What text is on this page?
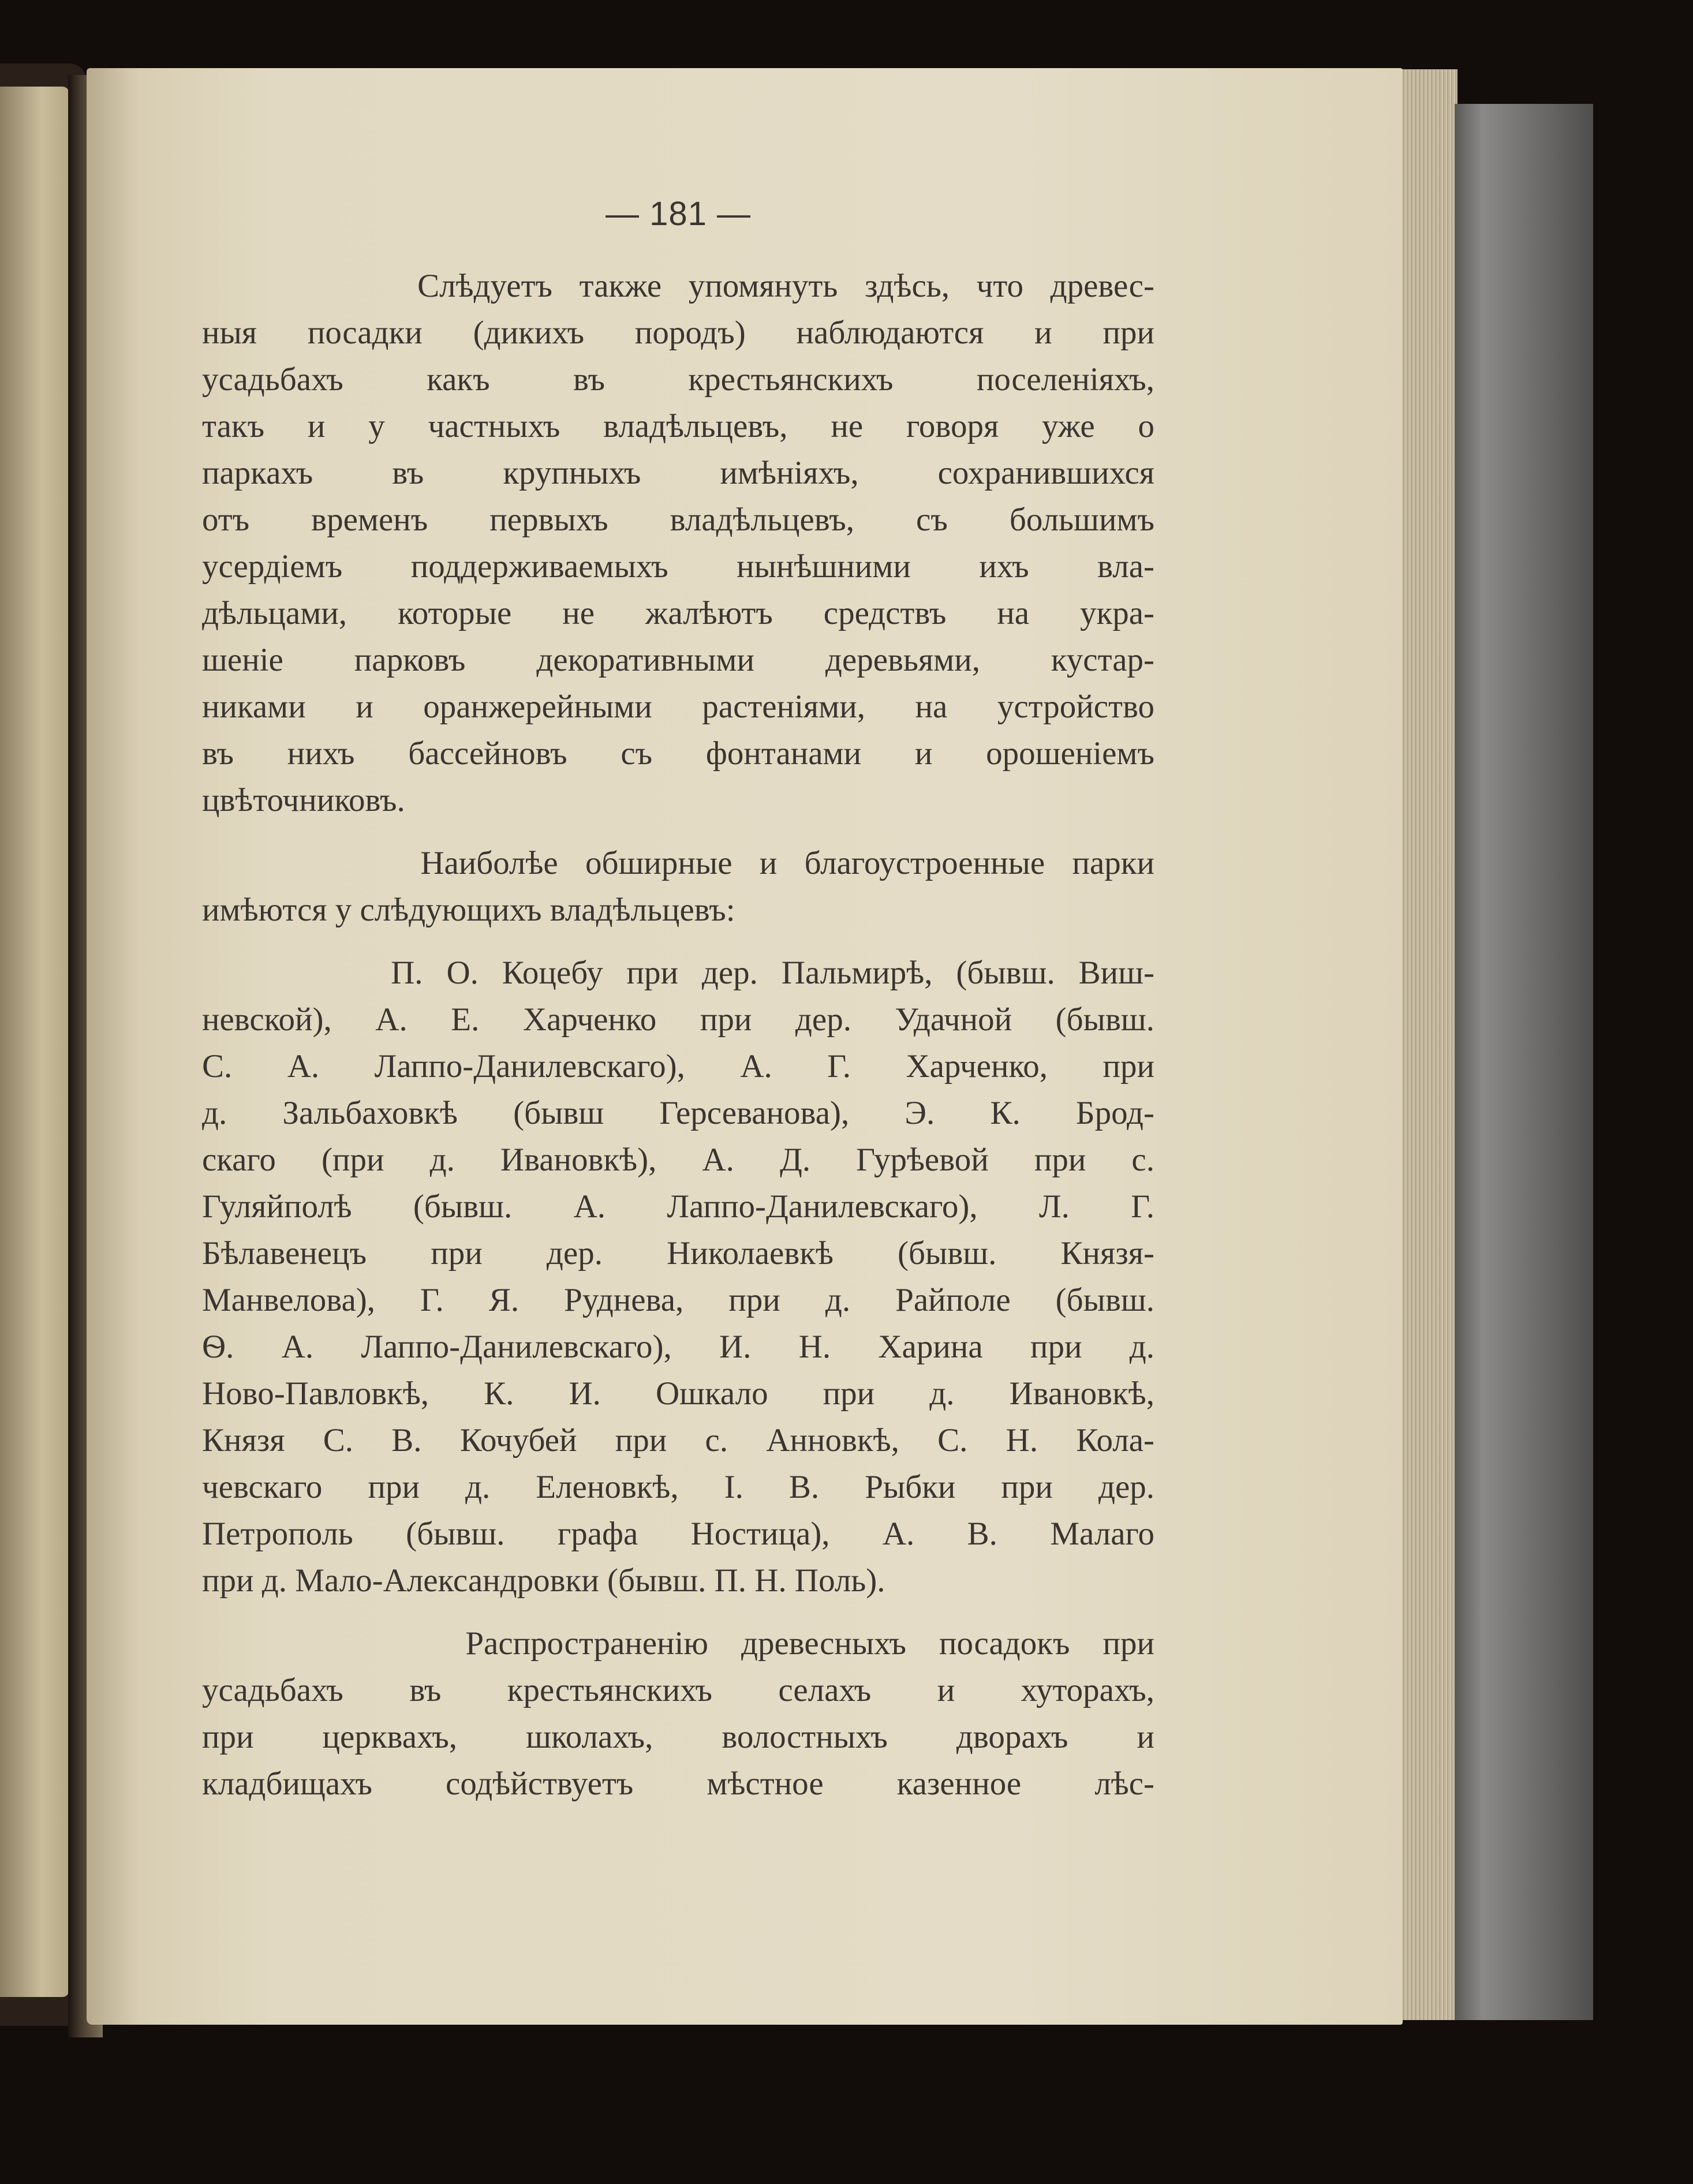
— 181 —
Слѣдуетъ также упомянуть здѣсь, что древес-
ныя посадки (дикихъ породъ) наблюдаются и при
усадьбахъ какъ въ крестьянскихъ поселеніяхъ,
такъ и у частныхъ владѣльцевъ, не говоря уже о
паркахъ въ крупныхъ имѣніяхъ, сохранившихся
отъ временъ первыхъ владѣльцевъ, съ большимъ
усердіемъ поддерживаемыхъ нынѣшними ихъ вла-
дѣльцами, которые не жалѣютъ средствъ на укра-
шеніе парковъ декоративными деревьями, кустар-
никами и оранжерейными растеніями, на устройство
въ нихъ бассейновъ съ фонтанами и орошеніемъ
цвѣточниковъ.
Наиболѣе обширные и благоустроенные парки
имѣются у слѣдующихъ владѣльцевъ:
П. О. Коцебу при дер. Пальмирѣ, (бывш. Виш-
невской), А. Е. Харченко при дер. Удачной (бывш.
С. А. Лаппо-Данилевскаго), А. Г. Харченко, при
д. Зальбаховкѣ (бывш Герсеванова), Э. К. Брод-
скаго (при д. Ивановкѣ), А. Д. Гурѣевой при с.
Гуляйполѣ (бывш. А. Лаппо-Данилевскаго), Л. Г.
Бѣлавенецъ при дер. Николаевкѣ (бывш. Князя-
Манвелова), Г. Я. Руднева, при д. Райполе (бывш.
Ѳ. А. Лаппо-Данилевскаго), И. Н. Харина при д.
Ново-Павловкѣ, К. И. Ошкало при д. Ивановкѣ,
Князя С. В. Кочубей при с. Анновкѣ, С. Н. Кола-
чевскаго при д. Еленовкѣ, I. В. Рыбки при дер.
Петрополь (бывш. графа Ностица), А. В. Малаго
при д. Мало-Александровки (бывш. П. Н. Поль).
Распространенію древесныхъ посадокъ при
усадьбахъ въ крестьянскихъ селахъ и хуторахъ,
при церквахъ, школахъ, волостныхъ дворахъ и
кладбищахъ содѣйствуетъ мѣстное казенное лѣс-
